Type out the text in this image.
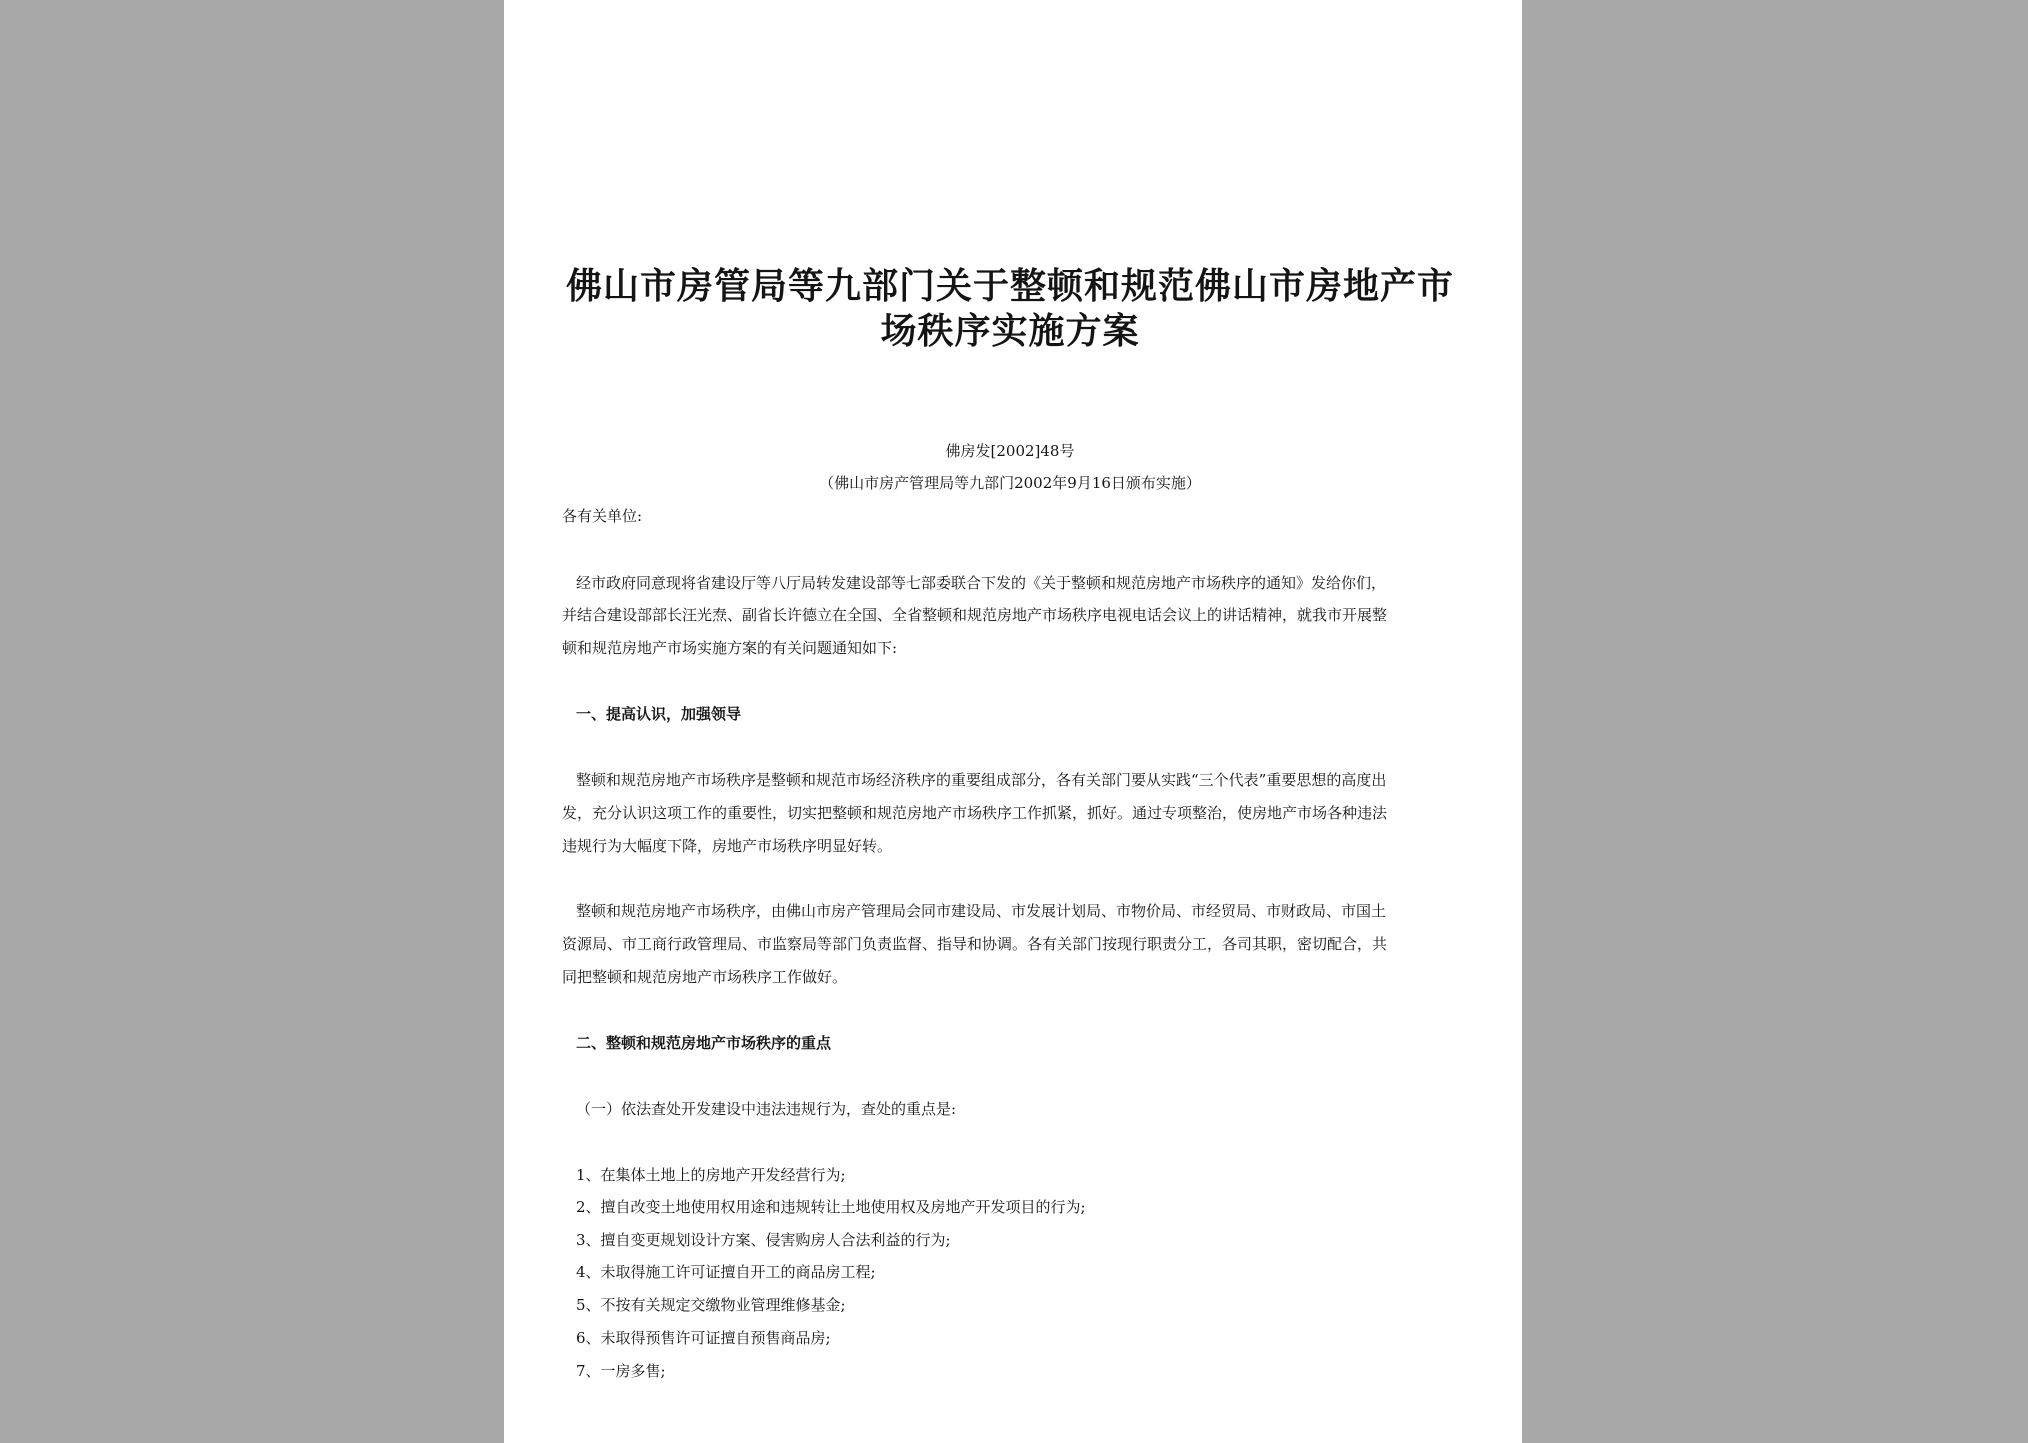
佛山市房管局等九部门关于整顿和规范佛山市房地产市
场秩序实施方案
佛房发[2002]48号
（佛山市房产管理局等九部门2002年9月16日颁布实施）
各有关单位:
经市政府同意现将省建设厅等八厅局转发建设部等七部委联合下发的《关于整顿和规范房地产市场秩序的通知》发给你们，
并结合建设部部长汪光焘、副省长许德立在全国、全省整顿和规范房地产市场秩序电视电话会议上的讲话精神，就我市开展整
顿和规范房地产市场实施方案的有关问题通知如下:
一、提高认识，加强领导
整顿和规范房地产市场秩序是整顿和规范市场经济秩序的重要组成部分，各有关部门要从实践“三个代表”重要思想的高度出
发，充分认识这项工作的重要性，切实把整顿和规范房地产市场秩序工作抓紧，抓好。通过专项整治，使房地产市场各种违法
违规行为大幅度下降，房地产市场秩序明显好转。
整顿和规范房地产市场秩序，由佛山市房产管理局会同市建设局、市发展计划局、市物价局、市经贸局、市财政局、市国土
资源局、市工商行政管理局、市监察局等部门负责监督、指导和协调。各有关部门按现行职责分工，各司其职，密切配合，共
同把整顿和规范房地产市场秩序工作做好。
二、整顿和规范房地产市场秩序的重点
（一）依法查处开发建设中违法违规行为，查处的重点是:
1、在集体土地上的房地产开发经营行为;
2、擅自改变土地使用权用途和违规转让土地使用权及房地产开发项目的行为;
3、擅自变更规划设计方案、侵害购房人合法利益的行为;
4、未取得施工许可证擅自开工的商品房工程;
5、不按有关规定交缴物业管理维修基金;
6、未取得预售许可证擅自预售商品房;
7、一房多售;
